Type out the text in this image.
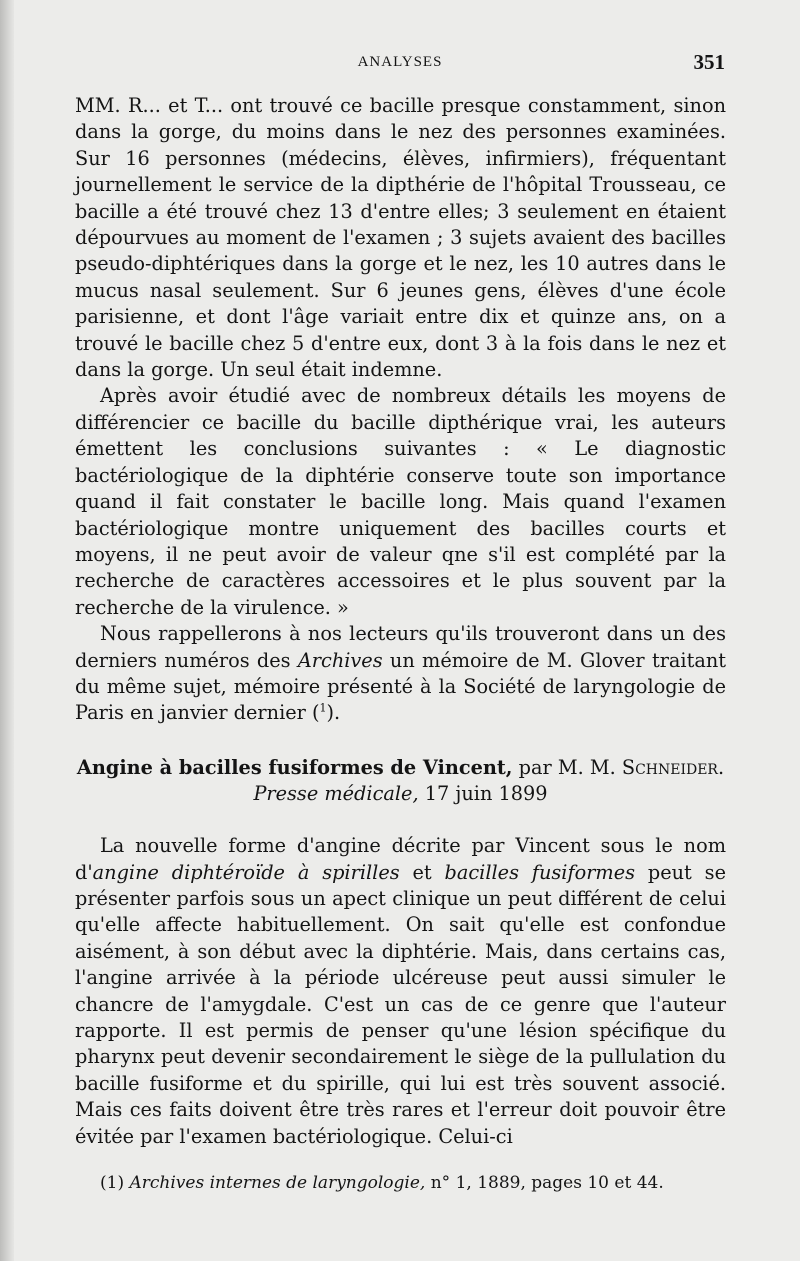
ANALYSES	351

MM. R... et T... ont trouvé ce bacille presque constamment, sinon dans la gorge, du moins dans le nez des personnes examinées. Sur 16 personnes (médecins, élèves, infirmiers), fréquentant journellement le service de la dipthérie de l'hôpital Trousseau, ce bacille a été trouvé chez 13 d'entre elles; 3 seulement en étaient dépourvues au moment de l'examen ; 3 sujets avaient des bacilles pseudo-diphtériques dans la gorge et le nez, les 10 autres dans le mucus nasal seulement. Sur 6 jeunes gens, élèves d'une école parisienne, et dont l'âge variait entre dix et quinze ans, on a trouvé le bacille chez 5 d'entre eux, dont 3 à la fois dans le nez et dans la gorge. Un seul était indemne.

Après avoir étudié avec de nombreux détails les moyens de différencier ce bacille du bacille dipthérique vrai, les auteurs émettent les conclusions suivantes : « Le diagnostic bactériologique de la diphtérie conserve toute son importance quand il fait constater le bacille long. Mais quand l'examen bactériologique montre uniquement des bacilles courts et moyens, il ne peut avoir de valeur qne s'il est complété par la recherche de caractères accessoires et le plus souvent par la recherche de la virulence. »

Nous rappellerons à nos lecteurs qu'ils trouveront dans un des derniers numéros des Archives un mémoire de M. Glover traitant du même sujet, mémoire présenté à la Société de laryngologie de Paris en janvier dernier ($^1$).

Angine à bacilles fusiformes de Vincent, par M. M. Schneider.
Presse médicale, 17 juin 1899

La nouvelle forme d'angine décrite par Vincent sous le nom d'angine diphtéroïde à spirilles et bacilles fusiformes peut se présenter parfois sous un apect clinique un peut différent de celui qu'elle affecte habituellement. On sait qu'elle est confondue aisément, à son début avec la diphtérie. Mais, dans certains cas, l'angine arrivée à la période ulcéreuse peut aussi simuler le chancre de l'amygdale. C'est un cas de ce genre que l'auteur rapporte. Il est permis de penser qu'une lésion spécifique du pharynx peut devenir secondairement le siège de la pullulation du bacille fusiforme et du spirille, qui lui est très souvent associé. Mais ces faits doivent être très rares et l'erreur doit pouvoir être évitée par l'examen bactériologique. Celui-ci

(1) Archives internes de laryngologie, n° 1, 1889, pages 10 et 44.
